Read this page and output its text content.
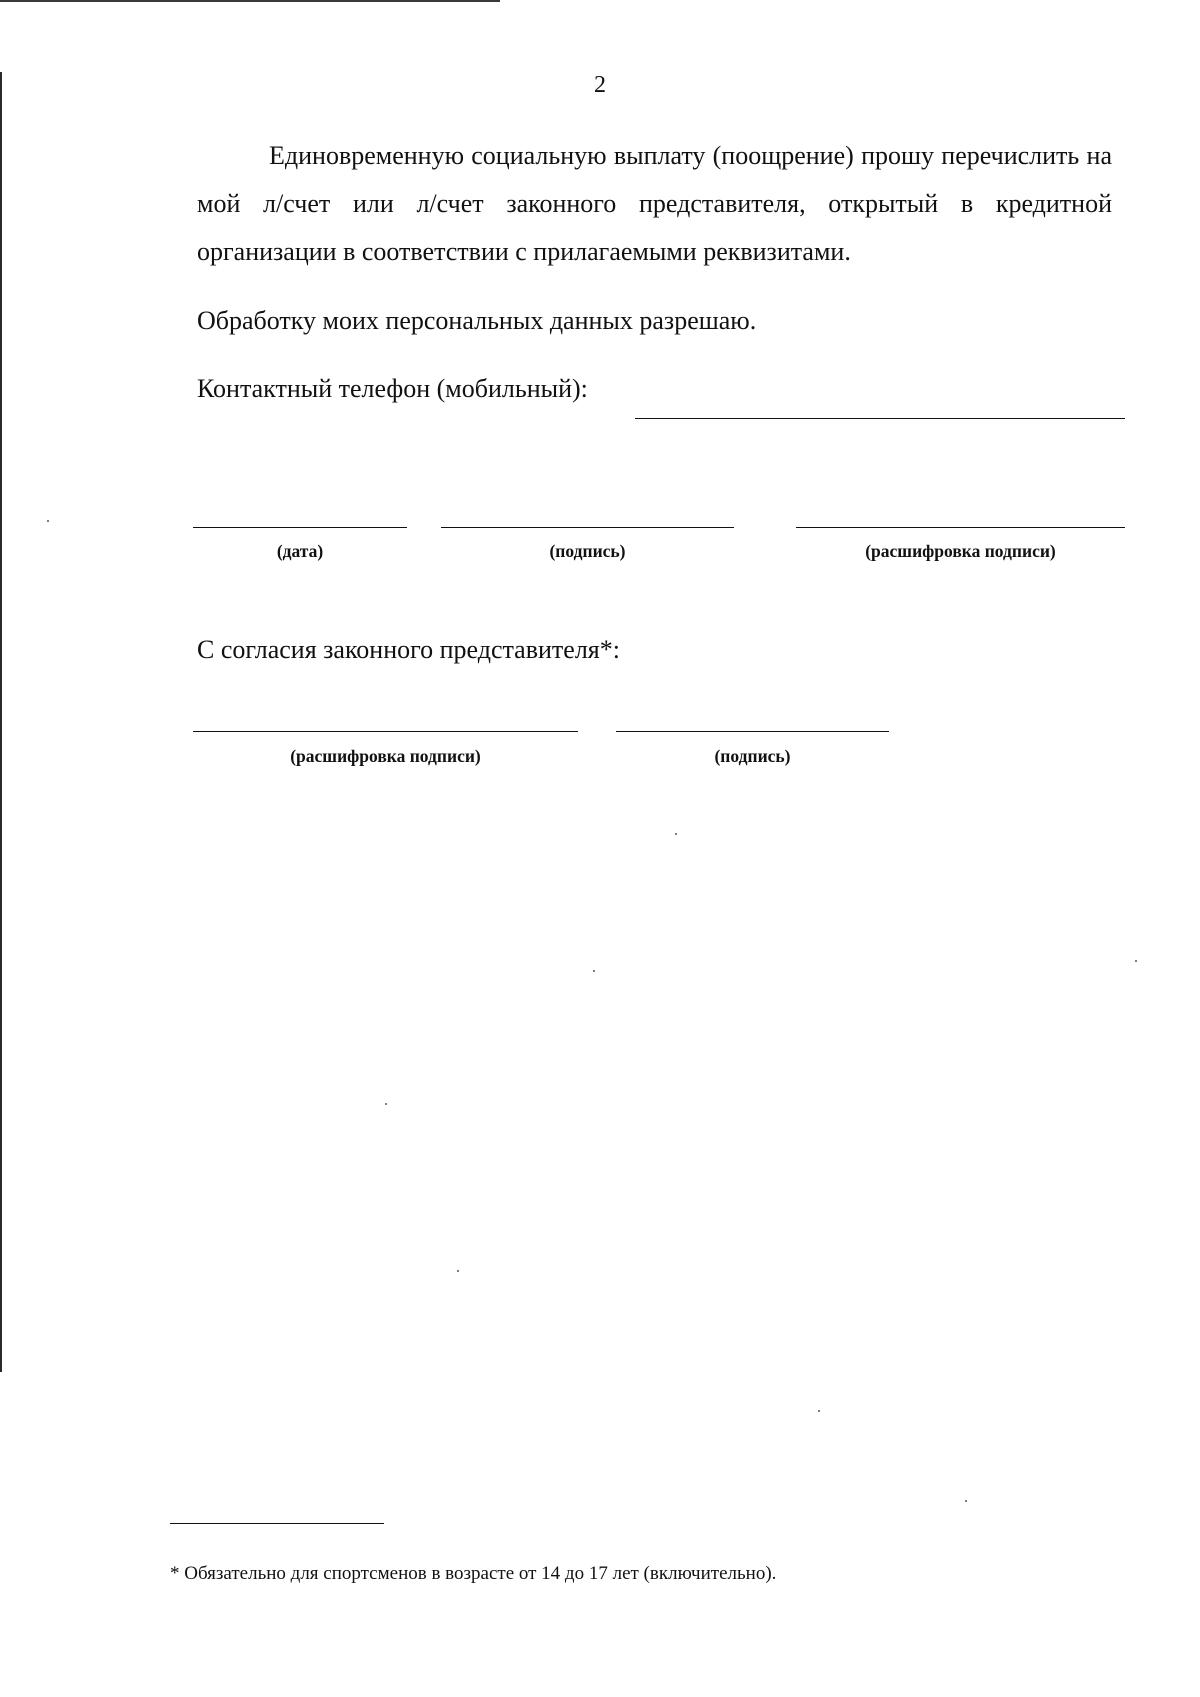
2
Единовременную социальную выплату (поощрение) прошу перечислить на мой л/счет или л/счет законного представителя, открытый в кредитной организации в соответствии с прилагаемыми реквизитами.
Обработку моих персональных данных разрешаю.
Контактный телефон (мобильный):
(дата)	(подпись)	(расшифровка подписи)
С согласия законного представителя*:
(расшифровка подписи)	(подпись)
* Обязательно для спортсменов в возрасте от 14 до 17 лет (включительно).
